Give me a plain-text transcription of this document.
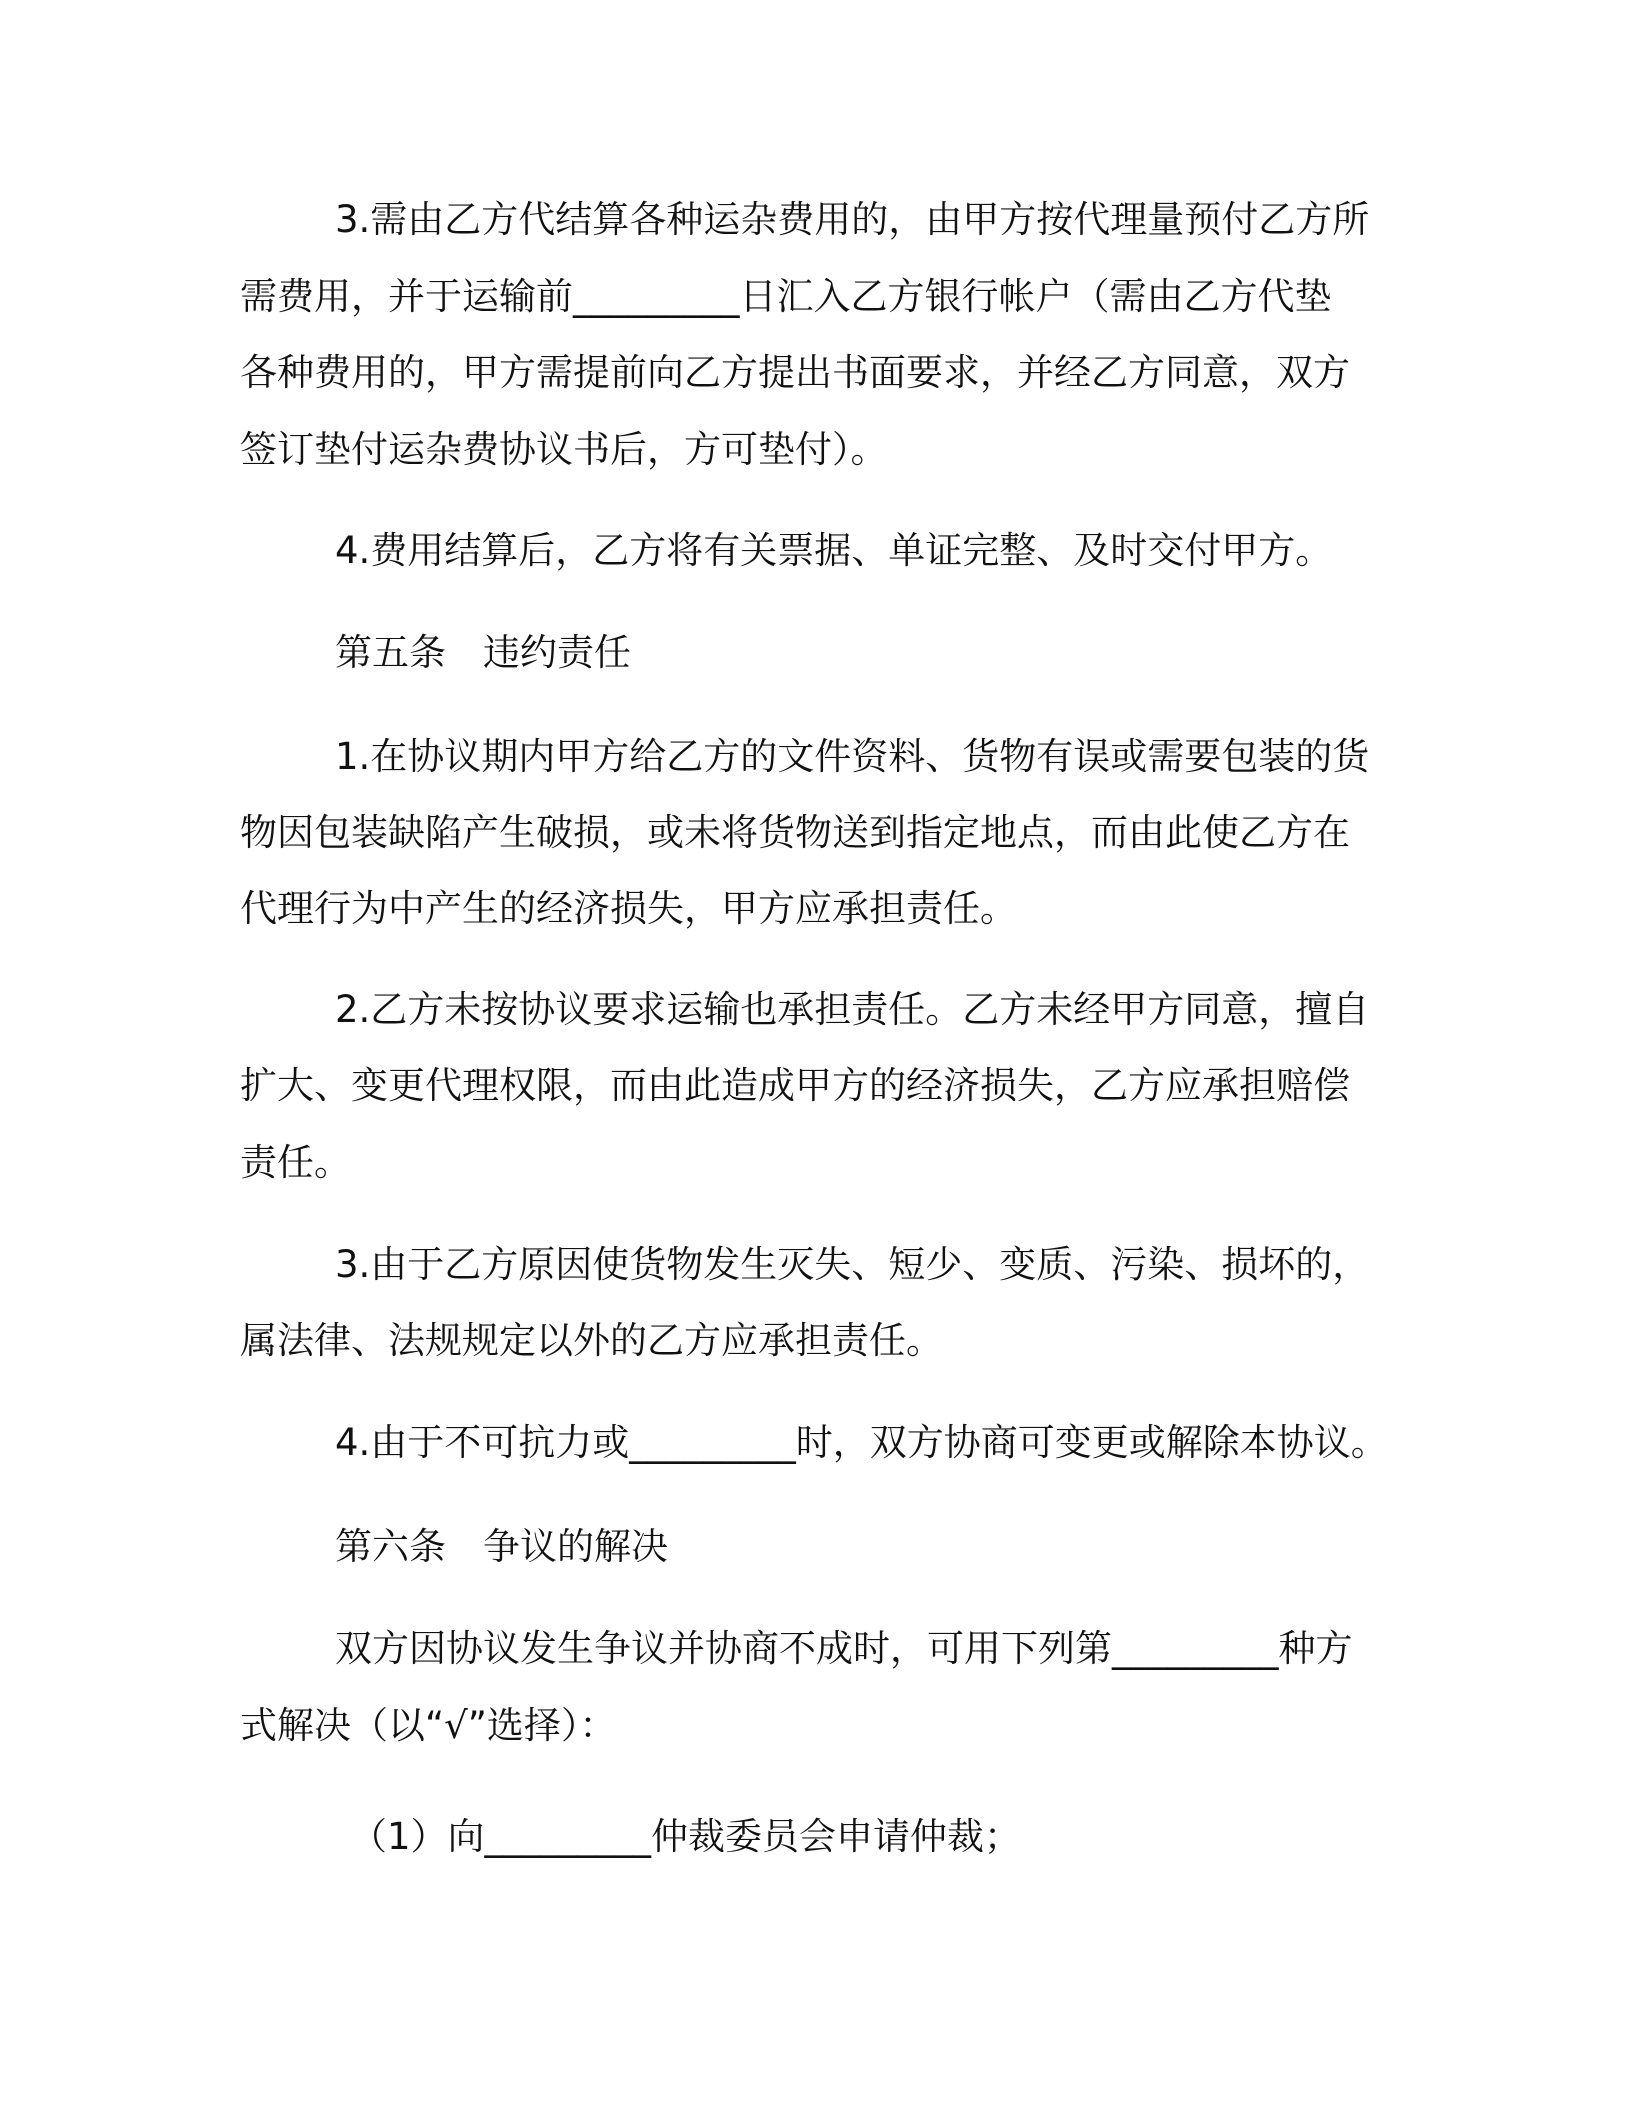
3.需由乙方代结算各种运杂费用的，由甲方按代理量预付乙方所
需费用，并于运输前_________日汇入乙方银行帐户（需由乙方代垫
各种费用的，甲方需提前向乙方提出书面要求，并经乙方同意，双方
签订垫付运杂费协议书后，方可垫付）。
4.费用结算后，乙方将有关票据、单证完整、及时交付甲方。
第五条　违约责任
1.在协议期内甲方给乙方的文件资料、货物有误或需要包装的货
物因包装缺陷产生破损，或未将货物送到指定地点，而由此使乙方在
代理行为中产生的经济损失，甲方应承担责任。
2.乙方未按协议要求运输也承担责任。乙方未经甲方同意，擅自
扩大、变更代理权限，而由此造成甲方的经济损失，乙方应承担赔偿
责任。
3.由于乙方原因使货物发生灭失、短少、变质、污染、损坏的，
属法律、法规规定以外的乙方应承担责任。
4.由于不可抗力或_________时，双方协商可变更或解除本协议。
第六条　争议的解决
双方因协议发生争议并协商不成时，可用下列第_________种方
式解决（以“√”选择）：
（1）向_________仲裁委员会申请仲裁；
